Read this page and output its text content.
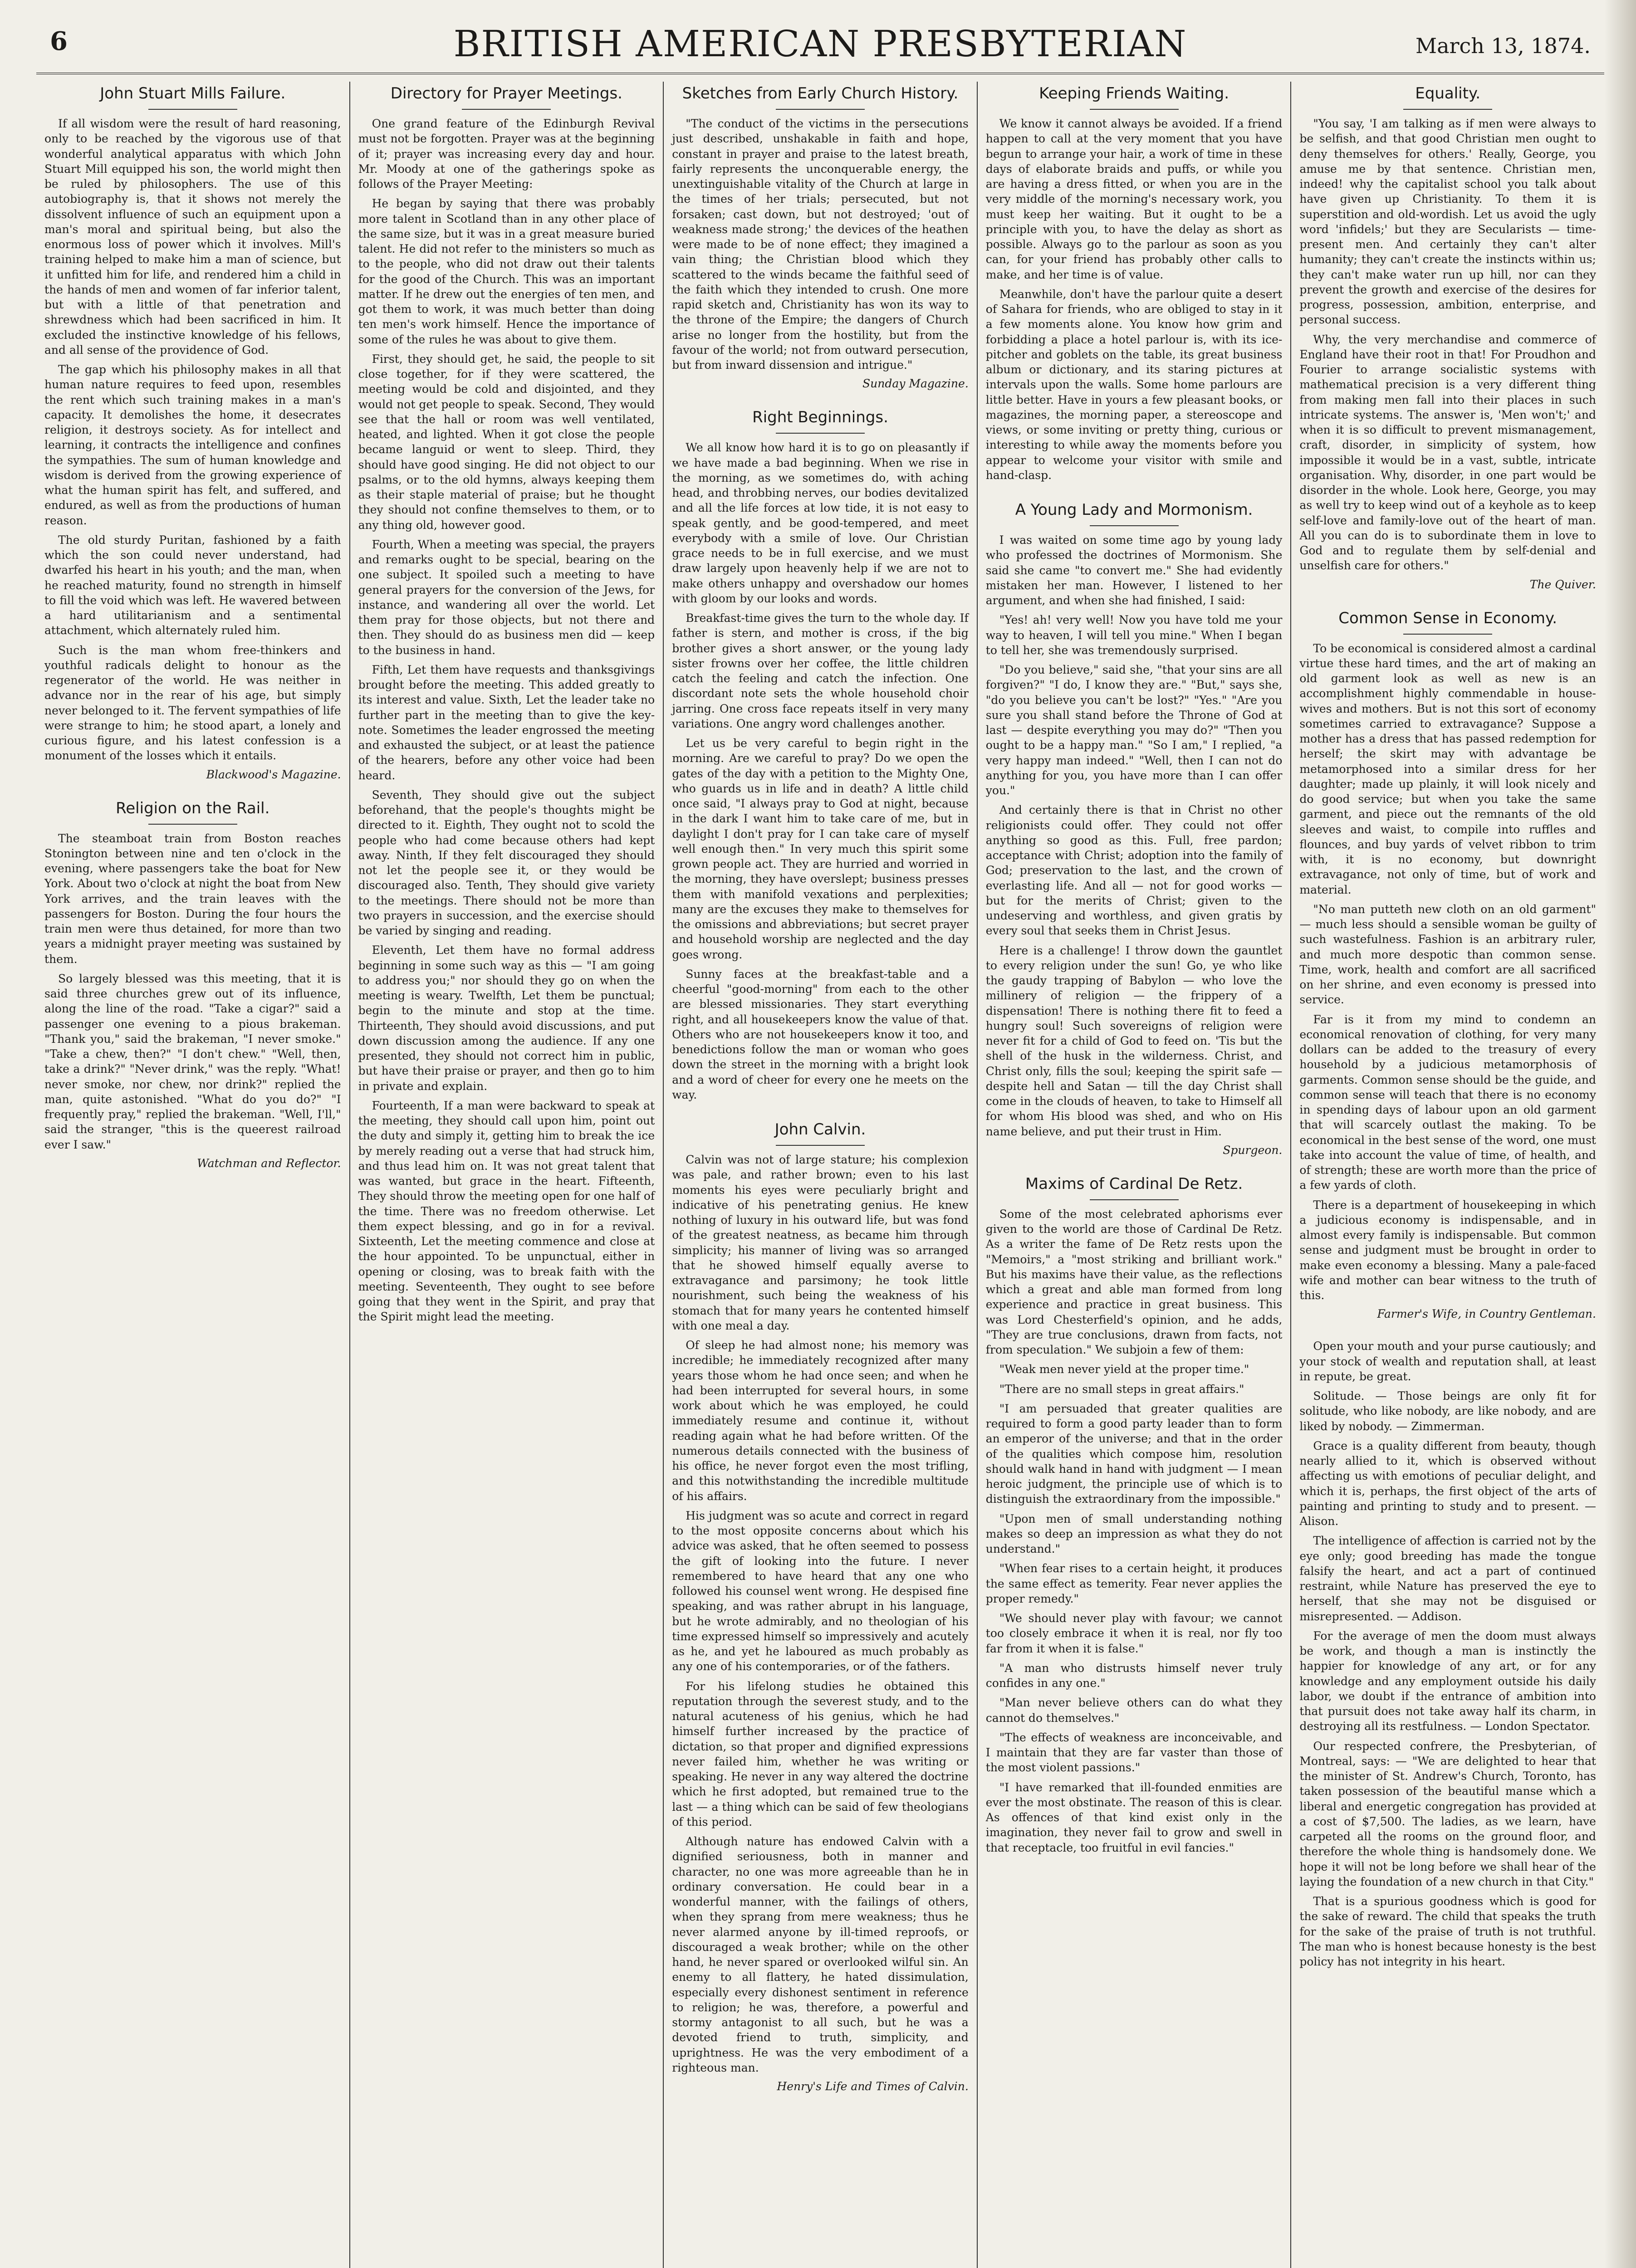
6	BRITISH AMERICAN PRESBYTERIAN	March 13, 1874.
John Stuart Mills Failure.

If all wisdom were the result of hard reasoning, only to be reached by the vigorous use of that wonderful analytical apparatus with which John Stuart Mill equipped his son, the world might then be ruled by philosophers. The use of this autobiography is, that it shows not merely the dissolvent influence of such an equipment upon a man's moral and spiritual being, but also the enormous loss of power which it involves. Mill's training helped to make him a man of science, but it unfitted him for life, and rendered him a child in the hands of men and women of far inferior talent, but with a little of that penetration and shrewdness which had been sacrificed in him. It excluded the instinctive knowledge of his fellows, and all sense of the providence of God.

The gap which his philosophy makes in all that human nature requires to feed upon, resembles the rent which such training makes in a man's capacity. It demolishes the home, it desecrates religion, it destroys society. As for intellect and learning, it contracts the intelligence and confines the sympathies. The sum of human knowledge and wisdom is derived from the growing experience of what the human spirit has felt, and suffered, and endured, as well as from the productions of human reason.

The old sturdy Puritan, fashioned by a faith which the son could never understand, had dwarfed his heart in his youth; and the man, when he reached maturity, found no strength in himself to fill the void which was left. He wavered between a hard utilitarianism and a sentimental attachment, which alternately ruled him.

Such is the man whom free-thinkers and youthful radicals delight to honour as the regenerator of the world. He was neither in advance nor in the rear of his age, but simply never belonged to it. The fervent sympathies of life were strange to him; he stood apart, a lonely and curious figure, and his latest confession is a monument of the losses which it entails.

Blackwood's Magazine.

Religion on the Rail.

The steamboat train from Boston reaches Stonington between nine and ten o'clock in the evening, where passengers take the boat for New York. About two o'clock at night the boat from New York arrives, and the train leaves with the passengers for Boston. During the four hours the train men were thus detained, for more than two years a midnight prayer meeting was sustained by them.

So largely blessed was this meeting, that it is said three churches grew out of its influence, along the line of the road. "Take a cigar?" said a passenger one evening to a pious brakeman. "Thank you," said the brakeman, "I never smoke." "Take a chew, then?" "I don't chew." "Well, then, take a drink?" "Never drink," was the reply. "What! never smoke, nor chew, nor drink?" replied the man, quite astonished. "What do you do?" "I frequently pray," replied the brakeman. "Well, I'll," said the stranger, "this is the queerest railroad ever I saw."

Watchman and Reflector.

Directory for Prayer Meetings.

One grand feature of the Edinburgh Revival must not be forgotten. Prayer was at the beginning of it; prayer was increasing every day and hour. Mr. Moody at one of the gatherings spoke as follows of the Prayer Meeting:

He began by saying that there was probably more talent in Scotland than in any other place of the same size, but it was in a great measure buried talent. He did not refer to the ministers so much as to the people, who did not draw out their talents for the good of the Church. This was an important matter. If he drew out the energies of ten men, and got them to work, it was much better than doing ten men's work himself. Hence the importance of some of the rules he was about to give them.

First, they should get, he said, the people to sit close together, for if they were scattered, the meeting would be cold and disjointed, and they would not get people to speak. Second, They would see that the hall or room was well ventilated, heated, and lighted. When it got close the people became languid or went to sleep. Third, they should have good singing. He did not object to our psalms, or to the old hymns, always keeping them as their staple material of praise; but he thought they should not confine themselves to them, or to any thing old, however good.

Fourth, When a meeting was special, the prayers and remarks ought to be special, bearing on the one subject. It spoiled such a meeting to have general prayers for the conversion of the Jews, for instance, and wandering all over the world. Let them pray for those objects, but not there and then. They should do as business men did — keep to the business in hand.

Fifth, Let them have requests and thanksgivings brought before the meeting. This added greatly to its interest and value. Sixth, Let the leader take no further part in the meeting than to give the key-note. Sometimes the leader engrossed the meeting and exhausted the subject, or at least the patience of the hearers, before any other voice had been heard.

Seventh, They should give out the subject beforehand, that the people's thoughts might be directed to it. Eighth, They ought not to scold the people who had come because others had kept away. Ninth, If they felt discouraged they should not let the people see it, or they would be discouraged also. Tenth, They should give variety to the meetings. There should not be more than two prayers in succession, and the exercise should be varied by singing and reading.

Eleventh, Let them have no formal address beginning in some such way as this — "I am going to address you;" nor should they go on when the meeting is weary. Twelfth, Let them be punctual; begin to the minute and stop at the time. Thirteenth, They should avoid discussions, and put down discussion among the audience. If any one presented, they should not correct him in public, but have their praise or prayer, and then go to him in private and explain.

Fourteenth, If a man were backward to speak at the meeting, they should call upon him, point out the duty and simply it, getting him to break the ice by merely reading out a verse that had struck him, and thus lead him on. It was not great talent that was wanted, but grace in the heart. Fifteenth, They should throw the meeting open for one half of the time. There was no freedom otherwise. Let them expect blessing, and go in for a revival. Sixteenth, Let the meeting commence and close at the hour appointed. To be unpunctual, either in opening or closing, was to break faith with the meeting. Seventeenth, They ought to see before going that they went in the Spirit, and pray that the Spirit might lead the meeting.

Sketches from Early Church History.

"The conduct of the victims in the persecutions just described, unshakable in faith and hope, constant in prayer and praise to the latest breath, fairly represents the unconquerable energy, the unextinguishable vitality of the Church at large in the times of her trials; persecuted, but not forsaken; cast down, but not destroyed; 'out of weakness made strong;' the devices of the heathen were made to be of none effect; they imagined a vain thing; the Christian blood which they scattered to the winds became the faithful seed of the faith which they intended to crush. One more rapid sketch and, Christianity has won its way to the throne of the Empire; the dangers of Church arise no longer from the hostility, but from the favour of the world; not from outward persecution, but from inward dissension and intrigue."

Sunday Magazine.

Right Beginnings.

We all know how hard it is to go on pleasantly if we have made a bad beginning. When we rise in the morning, as we sometimes do, with aching head, and throbbing nerves, our bodies devitalized and all the life forces at low tide, it is not easy to speak gently, and be good-tempered, and meet everybody with a smile of love. Our Christian grace needs to be in full exercise, and we must draw largely upon heavenly help if we are not to make others unhappy and overshadow our homes with gloom by our looks and words.

Breakfast-time gives the turn to the whole day. If father is stern, and mother is cross, if the big brother gives a short answer, or the young lady sister frowns over her coffee, the little children catch the feeling and catch the infection. One discordant note sets the whole household choir jarring. One cross face repeats itself in very many variations. One angry word challenges another.

Let us be very careful to begin right in the morning. Are we careful to pray? Do we open the gates of the day with a petition to the Mighty One, who guards us in life and in death? A little child once said, "I always pray to God at night, because in the dark I want him to take care of me, but in daylight I don't pray for I can take care of myself well enough then." In very much this spirit some grown people act. They are hurried and worried in the morning, they have overslept; business presses them with manifold vexations and perplexities; many are the excuses they make to themselves for the omissions and abbreviations; but secret prayer and household worship are neglected and the day goes wrong.

Sunny faces at the breakfast-table and a cheerful "good-morning" from each to the other are blessed missionaries. They start everything right, and all housekeepers know the value of that. Others who are not housekeepers know it too, and benedictions follow the man or woman who goes down the street in the morning with a bright look and a word of cheer for every one he meets on the way.

John Calvin.

Calvin was not of large stature; his complexion was pale, and rather brown; even to his last moments his eyes were peculiarly bright and indicative of his penetrating genius. He knew nothing of luxury in his outward life, but was fond of the greatest neatness, as became him through simplicity; his manner of living was so arranged that he showed himself equally averse to extravagance and parsimony; he took little nourishment, such being the weakness of his stomach that for many years he contented himself with one meal a day.

Of sleep he had almost none; his memory was incredible; he immediately recognized after many years those whom he had once seen; and when he had been interrupted for several hours, in some work about which he was employed, he could immediately resume and continue it, without reading again what he had before written. Of the numerous details connected with the business of his office, he never forgot even the most trifling, and this notwithstanding the incredible multitude of his affairs.

His judgment was so acute and correct in regard to the most opposite concerns about which his advice was asked, that he often seemed to possess the gift of looking into the future. I never remembered to have heard that any one who followed his counsel went wrong. He despised fine speaking, and was rather abrupt in his language, but he wrote admirably, and no theologian of his time expressed himself so impressively and acutely as he, and yet he laboured as much probably as any one of his contemporaries, or of the fathers.

For his lifelong studies he obtained this reputation through the severest study, and to the natural acuteness of his genius, which he had himself further increased by the practice of dictation, so that proper and dignified expressions never failed him, whether he was writing or speaking. He never in any way altered the doctrine which he first adopted, but remained true to the last — a thing which can be said of few theologians of this period.

Although nature has endowed Calvin with a dignified seriousness, both in manner and character, no one was more agreeable than he in ordinary conversation. He could bear in a wonderful manner, with the failings of others, when they sprang from mere weakness; thus he never alarmed anyone by ill-timed reproofs, or discouraged a weak brother; while on the other hand, he never spared or overlooked wilful sin. An enemy to all flattery, he hated dissimulation, especially every dishonest sentiment in reference to religion; he was, therefore, a powerful and stormy antagonist to all such, but he was a devoted friend to truth, simplicity, and uprightness. He was the very embodiment of a righteous man.

Henry's Life and Times of Calvin.

Keeping Friends Waiting.

We know it cannot always be avoided. If a friend happen to call at the very moment that you have begun to arrange your hair, a work of time in these days of elaborate braids and puffs, or while you are having a dress fitted, or when you are in the very middle of the morning's necessary work, you must keep her waiting. But it ought to be a principle with you, to have the delay as short as possible. Always go to the parlour as soon as you can, for your friend has probably other calls to make, and her time is of value.

Meanwhile, don't have the parlour quite a desert of Sahara for friends, who are obliged to stay in it a few moments alone. You know how grim and forbidding a place a hotel parlour is, with its ice-pitcher and goblets on the table, its great business album or dictionary, and its staring pictures at intervals upon the walls. Some home parlours are little better. Have in yours a few pleasant books, or magazines, the morning paper, a stereoscope and views, or some inviting or pretty thing, curious or interesting to while away the moments before you appear to welcome your visitor with smile and hand-clasp.

A Young Lady and Mormonism.

I was waited on some time ago by young lady who professed the doctrines of Mormonism. She said she came "to convert me." She had evidently mistaken her man. However, I listened to her argument, and when she had finished, I said:

"Yes! ah! very well! Now you have told me your way to heaven, I will tell you mine." When I began to tell her, she was tremendously surprised.

"Do you believe," said she, "that your sins are all forgiven?" "I do, I know they are." "But," says she, "do you believe you can't be lost?" "Yes." "Are you sure you shall stand before the Throne of God at last — despite everything you may do?" "Then you ought to be a happy man." "So I am," I replied, "a very happy man indeed." "Well, then I can not do anything for you, you have more than I can offer you."

And certainly there is that in Christ no other religionists could offer. They could not offer anything so good as this. Full, free pardon; acceptance with Christ; adoption into the family of God; preservation to the last, and the crown of everlasting life. And all — not for good works — but for the merits of Christ; given to the undeserving and worthless, and given gratis by every soul that seeks them in Christ Jesus.

Here is a challenge! I throw down the gauntlet to every religion under the sun! Go, ye who like the gaudy trapping of Babylon — who love the millinery of religion — the frippery of a dispensation! There is nothing there fit to feed a hungry soul! Such sovereigns of religion were never fit for a child of God to feed on. 'Tis but the shell of the husk in the wilderness. Christ, and Christ only, fills the soul; keeping the spirit safe — despite hell and Satan — till the day Christ shall come in the clouds of heaven, to take to Himself all for whom His blood was shed, and who on His name believe, and put their trust in Him.

Spurgeon.

Maxims of Cardinal De Retz.

Some of the most celebrated aphorisms ever given to the world are those of Cardinal De Retz. As a writer the fame of De Retz rests upon the "Memoirs," a "most striking and brilliant work." But his maxims have their value, as the reflections which a great and able man formed from long experience and practice in great business. This was Lord Chesterfield's opinion, and he adds, "They are true conclusions, drawn from facts, not from speculation." We subjoin a few of them:

"Weak men never yield at the proper time."

"There are no small steps in great affairs."

"I am persuaded that greater qualities are required to form a good party leader than to form an emperor of the universe; and that in the order of the qualities which compose him, resolution should walk hand in hand with judgment — I mean heroic judgment, the principle use of which is to distinguish the extraordinary from the impossible."

"Upon men of small understanding nothing makes so deep an impression as what they do not understand."

"When fear rises to a certain height, it produces the same effect as temerity. Fear never applies the proper remedy."

"We should never play with favour; we cannot too closely embrace it when it is real, nor fly too far from it when it is false."

"A man who distrusts himself never truly confides in any one."

"Man never believe others can do what they cannot do themselves."

"The effects of weakness are inconceivable, and I maintain that they are far vaster than those of the most violent passions."

"I have remarked that ill-founded enmities are ever the most obstinate. The reason of this is clear. As offences of that kind exist only in the imagination, they never fail to grow and swell in that receptacle, too fruitful in evil fancies."

Equality.

"You say, 'I am talking as if men were always to be selfish, and that good Christian men ought to deny themselves for others.' Really, George, you amuse me by that sentence. Christian men, indeed! why the capitalist school you talk about have given up Christianity. To them it is superstition and old-wordish. Let us avoid the ugly word 'infidels;' but they are Secularists — time-present men. And certainly they can't alter humanity; they can't create the instincts within us; they can't make water run up hill, nor can they prevent the growth and exercise of the desires for progress, possession, ambition, enterprise, and personal success.

Why, the very merchandise and commerce of England have their root in that! For Proudhon and Fourier to arrange socialistic systems with mathematical precision is a very different thing from making men fall into their places in such intricate systems. The answer is, 'Men won't;' and when it is so difficult to prevent mismanagement, craft, disorder, in simplicity of system, how impossible it would be in a vast, subtle, intricate organisation. Why, disorder, in one part would be disorder in the whole. Look here, George, you may as well try to keep wind out of a keyhole as to keep self-love and family-love out of the heart of man. All you can do is to subordinate them in love to God and to regulate them by self-denial and unselfish care for others."

The Quiver.

Common Sense in Economy.

To be economical is considered almost a cardinal virtue these hard times, and the art of making an old garment look as well as new is an accomplishment highly commendable in house-wives and mothers. But is not this sort of economy sometimes carried to extravagance? Suppose a mother has a dress that has passed redemption for herself; the skirt may with advantage be metamorphosed into a similar dress for her daughter; made up plainly, it will look nicely and do good service; but when you take the same garment, and piece out the remnants of the old sleeves and waist, to compile into ruffles and flounces, and buy yards of velvet ribbon to trim with, it is no economy, but downright extravagance, not only of time, but of work and material.

"No man putteth new cloth on an old garment" — much less should a sensible woman be guilty of such wastefulness. Fashion is an arbitrary ruler, and much more despotic than common sense. Time, work, health and comfort are all sacrificed on her shrine, and even economy is pressed into service.

Far is it from my mind to condemn an economical renovation of clothing, for very many dollars can be added to the treasury of every household by a judicious metamorphosis of garments. Common sense should be the guide, and common sense will teach that there is no economy in spending days of labour upon an old garment that will scarcely outlast the making. To be economical in the best sense of the word, one must take into account the value of time, of health, and of strength; these are worth more than the price of a few yards of cloth.

There is a department of housekeeping in which a judicious economy is indispensable, and in almost every family is indispensable. But common sense and judgment must be brought in order to make even economy a blessing. Many a pale-faced wife and mother can bear witness to the truth of this.

Farmer's Wife, in Country Gentleman.

Open your mouth and your purse cautiously; and your stock of wealth and reputation shall, at least in repute, be great.

Solitude. — Those beings are only fit for solitude, who like nobody, are like nobody, and are liked by nobody. — Zimmerman.

Grace is a quality different from beauty, though nearly allied to it, which is observed without affecting us with emotions of peculiar delight, and which it is, perhaps, the first object of the arts of painting and printing to study and to present. — Alison.

The intelligence of affection is carried not by the eye only; good breeding has made the tongue falsify the heart, and act a part of continued restraint, while Nature has preserved the eye to herself, that she may not be disguised or misrepresented. — Addison.

For the average of men the doom must always be work, and though a man is instinctly the happier for knowledge of any art, or for any knowledge and any employment outside his daily labor, we doubt if the entrance of ambition into that pursuit does not take away half its charm, in destroying all its restfulness. — London Spectator.

Our respected confrere, the Presbyterian, of Montreal, says: — "We are delighted to hear that the minister of St. Andrew's Church, Toronto, has taken possession of the beautiful manse which a liberal and energetic congregation has provided at a cost of $7,500. The ladies, as we learn, have carpeted all the rooms on the ground floor, and therefore the whole thing is handsomely done. We hope it will not be long before we shall hear of the laying the foundation of a new church in that City."

That is a spurious goodness which is good for the sake of reward. The child that speaks the truth for the sake of the praise of truth is not truthful. The man who is honest because honesty is the best policy has not integrity in his heart.
